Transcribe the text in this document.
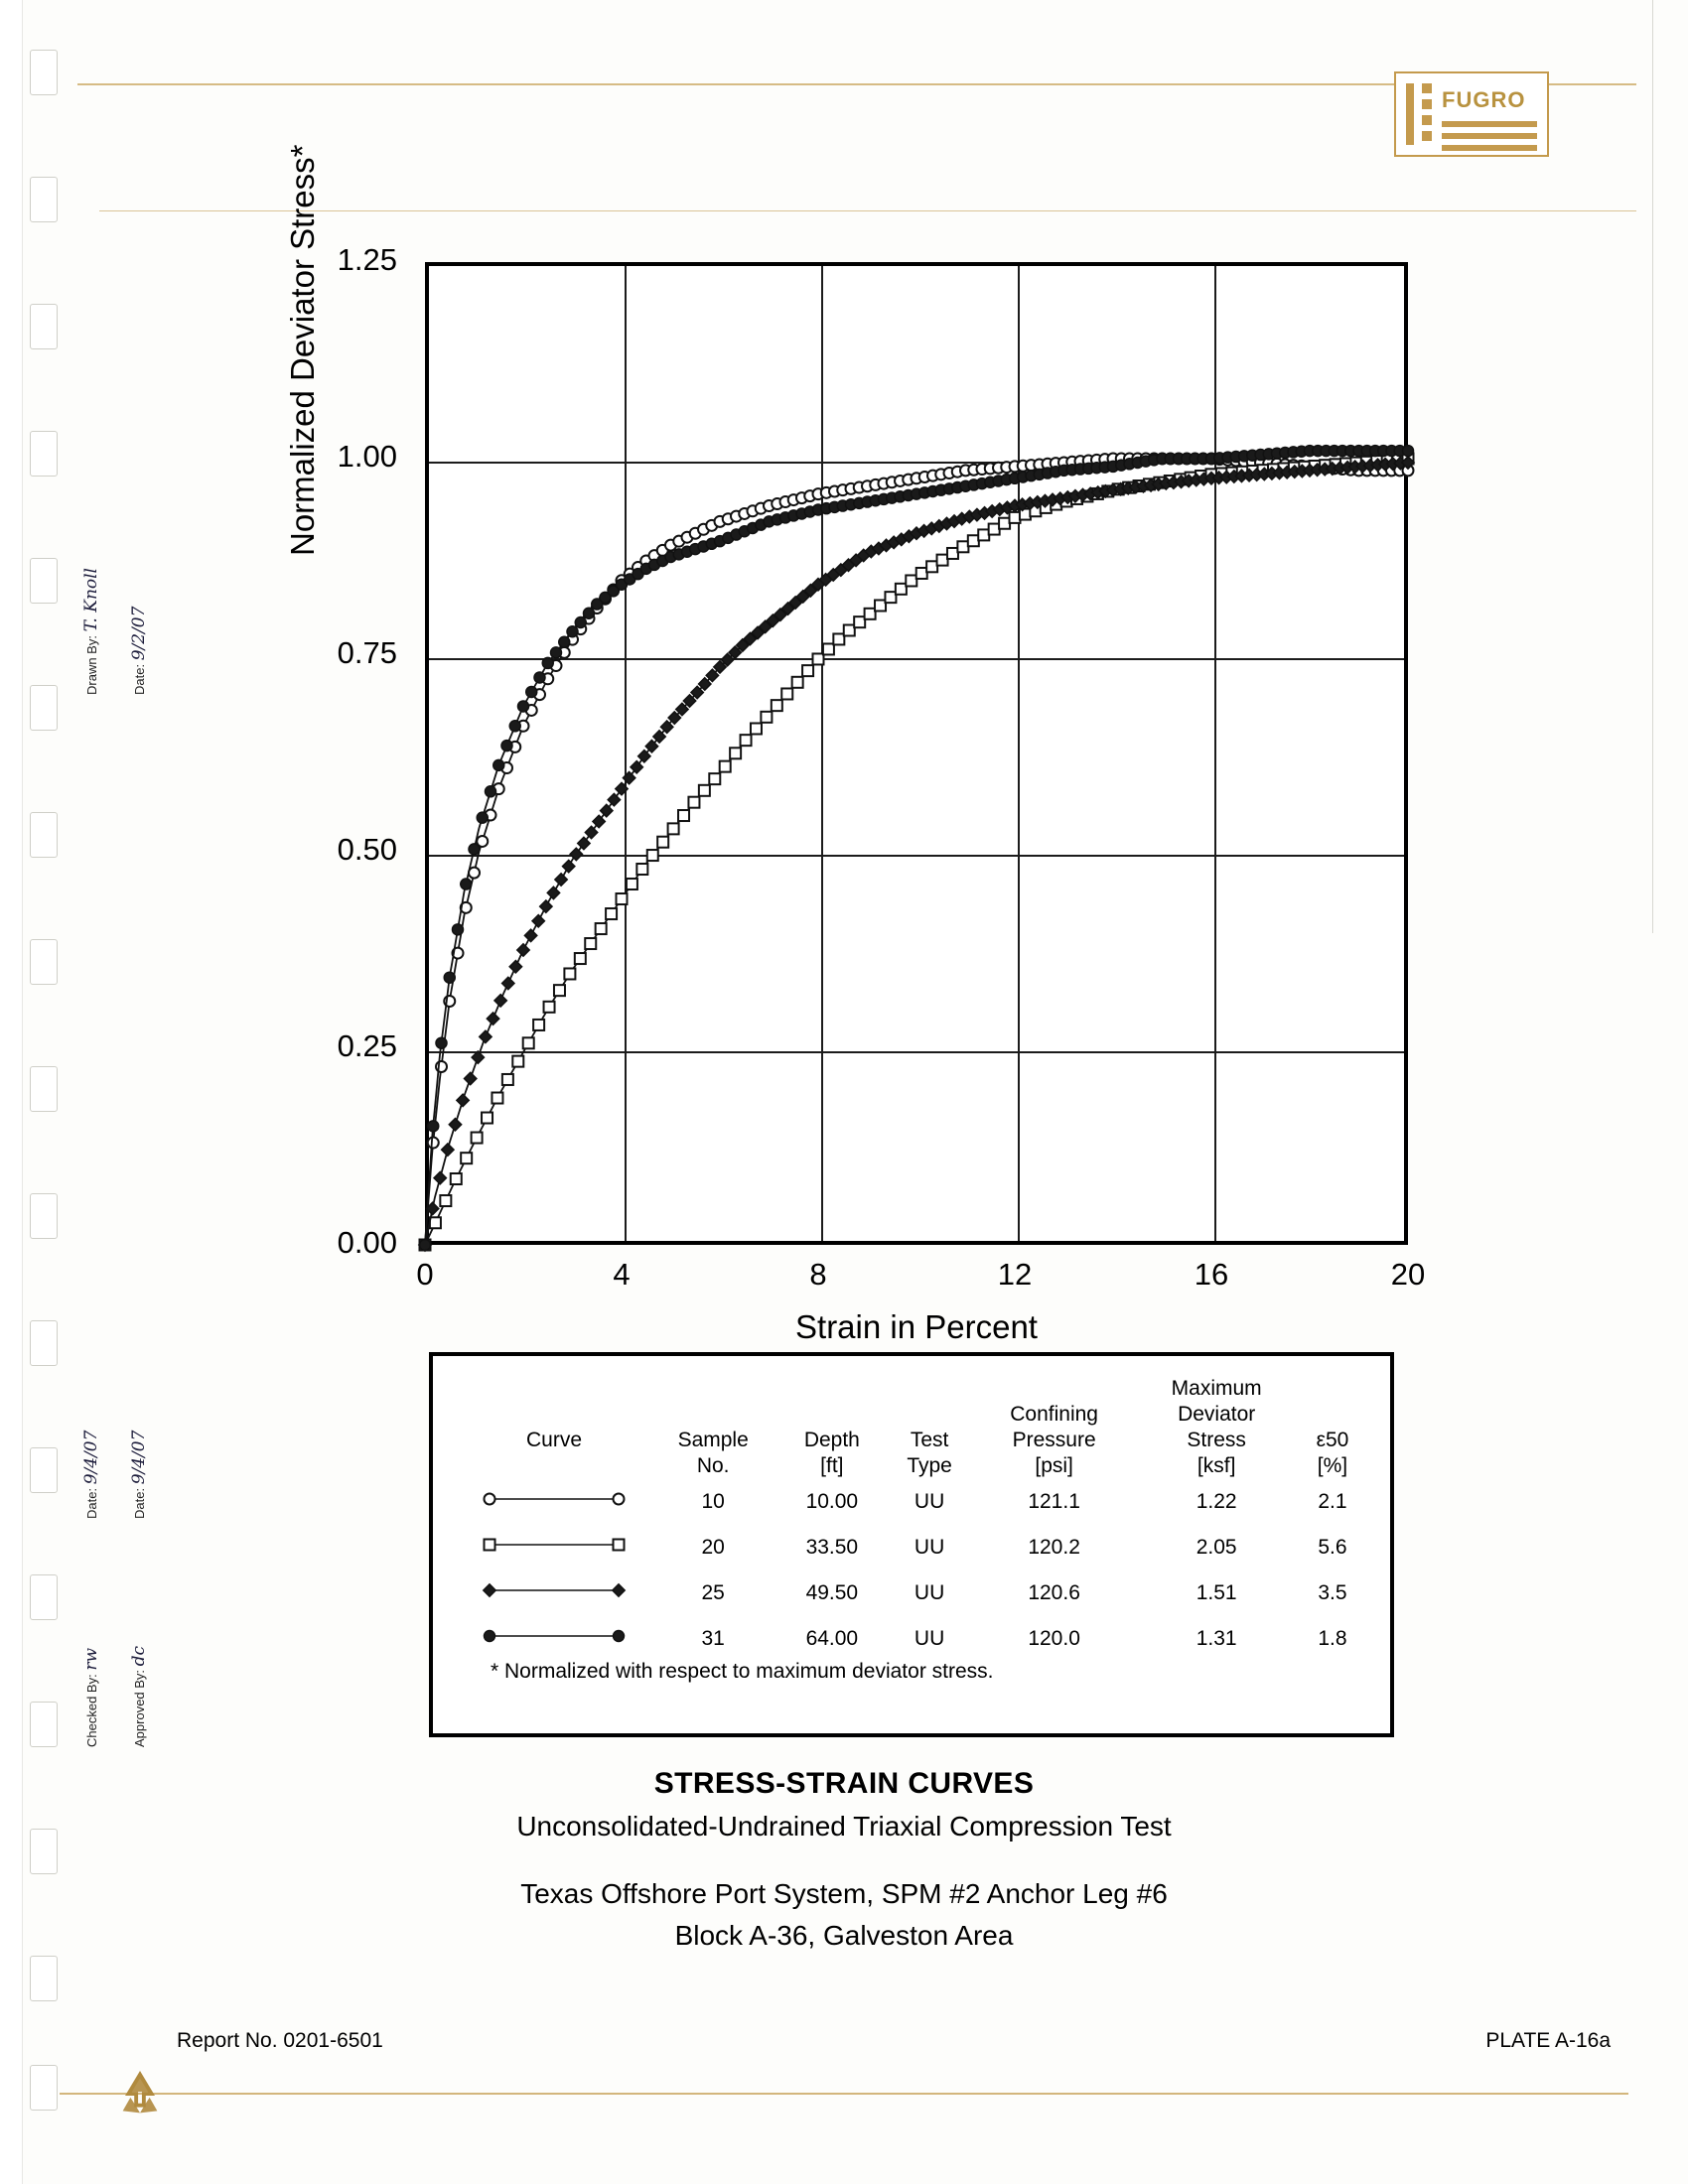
FUGRO
Drawn By: T. Knoll
Date: 9/2/07
Checked By: rw
Approved By: dc
Date: 9/4/07
Date: 9/4/07
Normalized Deviator Stress*
Strain in Percent
0.00
0.25
0.50
0.75
1.00
1.25
0	4	8	12	16	20
					Maximum	
				Confining	Deviator	
Curve	Sample	Depth	Test	Pressure	Stress	ε50
	No.	[ft]	Type	[psi]	[ksf]	[%]
	10	10.00	UU	121.1	1.22	2.1
	20	33.50	UU	120.2	2.05	5.6
	25	49.50	UU	120.6	1.51	3.5
	31	64.00	UU	120.0	1.31	1.8
* Normalized with respect to maximum deviator stress.
STRESS-STRAIN CURVES
Unconsolidated-Undrained Triaxial Compression Test
Texas Offshore Port System, SPM #2 Anchor Leg #6
Block A-36, Galveston Area
Report No. 0201-6501	PLATE A-16a
